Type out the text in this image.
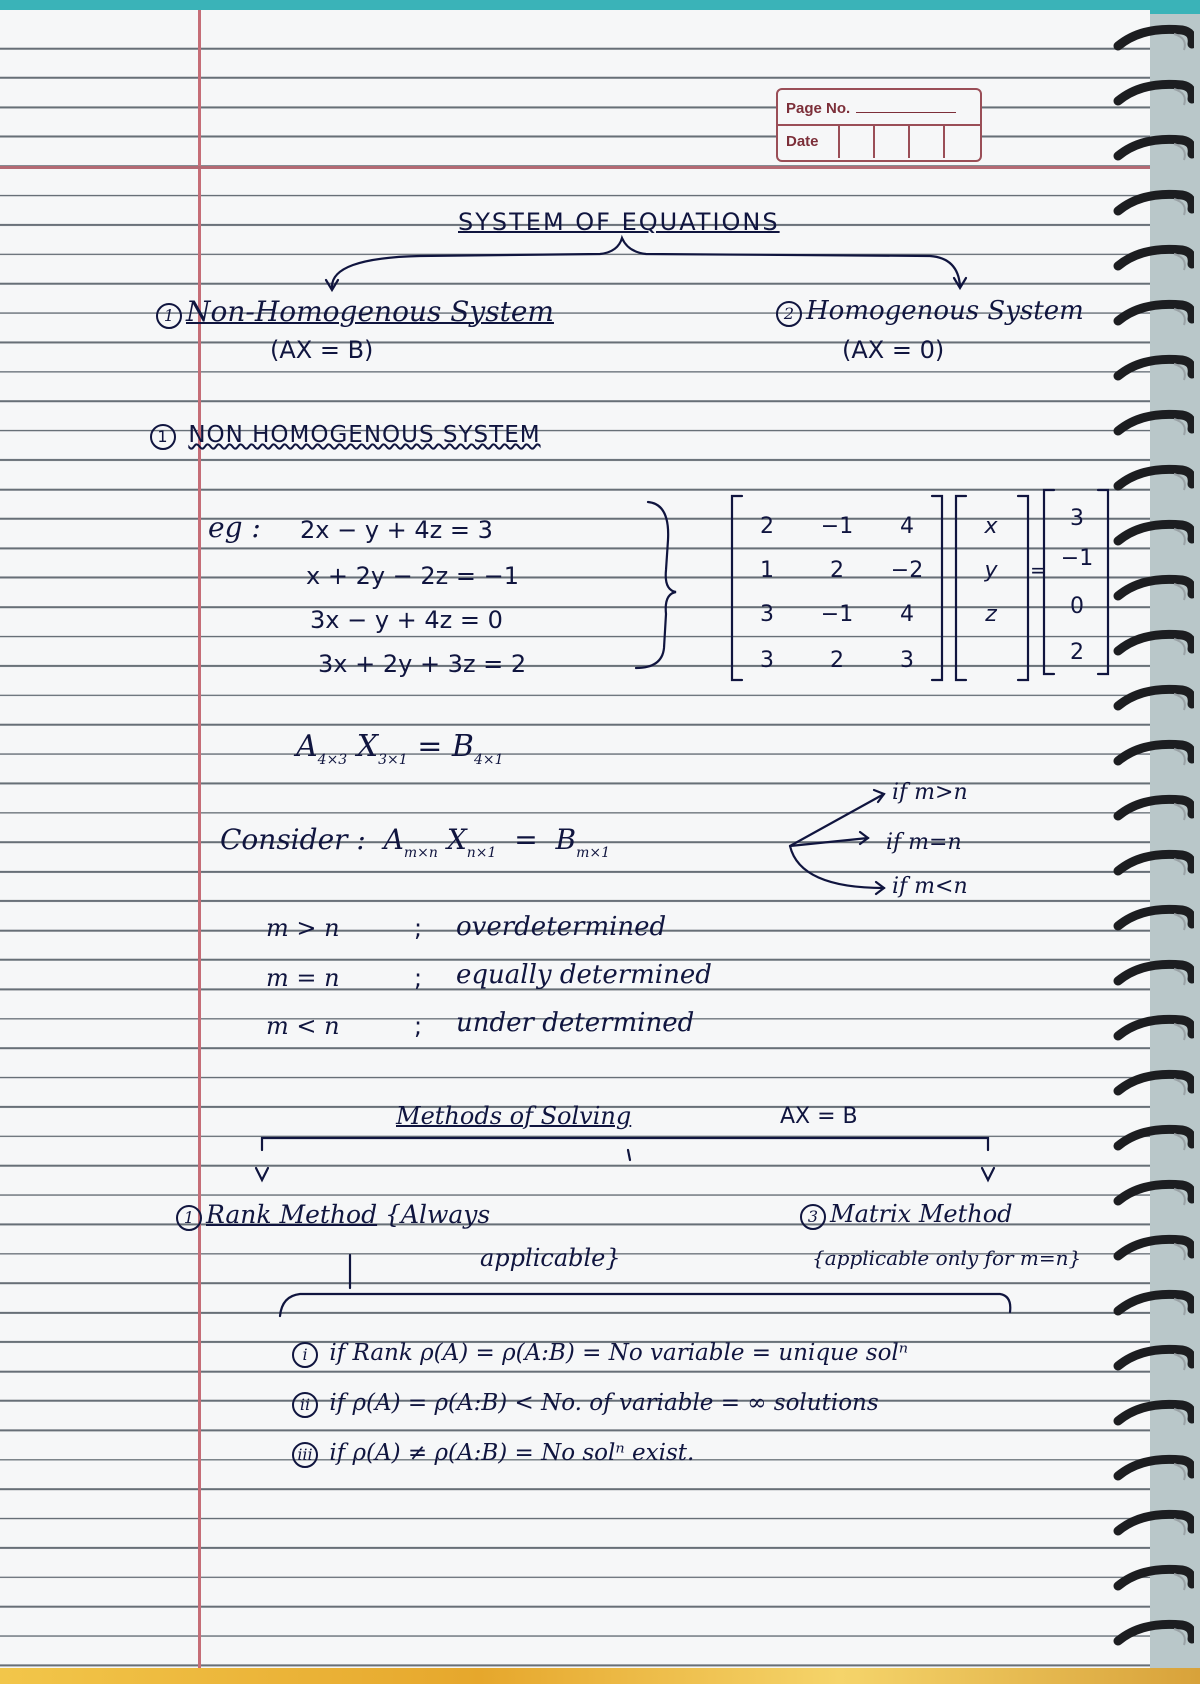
Page No.
Date
SYSTEM OF EQUATIONS
1 Non-Homogenous System
(AX = B)
2 Homogenous System
(AX = 0)
1 NON HOMOGENOUS SYSTEM
eg : 2x − y + 4z = 3
x + 2y − 2z = −1
3x − y + 4z = 0
3x + 2y + 3z = 2
2	−1	4
1	2	−2
3	−1	4
3	2	3
x
y
z
=
3
−1
0
2
$A_{4\times 3}$ $X_{3\times 1} = B_{4\times 1}$
Consider : $A_{m\times n}$ $X_{n\times 1} = B_{m\times 1}$
if m>n
if m=n
if m<n
m > n	; overdetermined
m = n	; equally determined
m < n	; under determined
Methods of Solving	AX = B
1 Rank Method {Always
applicable}
3 Matrix Method
{applicable only for m=n}
i if Rank ρ(A) = ρ(A:B) = No variable = unique solⁿ
ii if ρ(A) = ρ(A:B) < No. of variable = ∞ solutions
iii if ρ(A) ≠ ρ(A:B) = No solⁿ exist.
